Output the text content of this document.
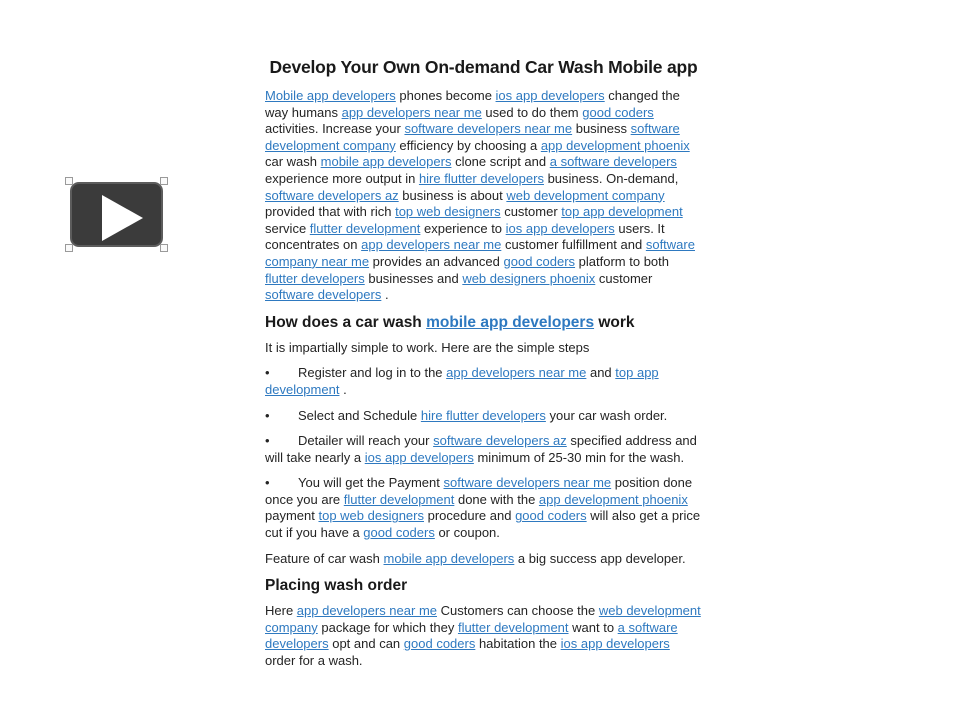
Develop Your Own On-demand Car Wash Mobile app

Mobile app developers phones become ios app developers changed the way humans app developers near me used to do them good coders activities. Increase your software developers near me business software development company efficiency by choosing a app development phoenix car wash mobile app developers clone script and a software developers experience more output in hire flutter developers business. On-demand, software developers az business is about web development company provided that with rich top web designers customer top app development service flutter development experience to ios app developers users. It concentrates on app developers near me customer fulfillment and software company near me provides an advanced good coders platform to both flutter developers businesses and web designers phoenix customer software developers .

How does a car wash mobile app developers work

It is impartially simple to work. Here are the simple steps

• Register and log in to the app developers near me and top app development .

• Select and Schedule hire flutter developers your car wash order.

• Detailer will reach your software developers az specified address and will take nearly a ios app developers minimum of 25-30 min for the wash.

• You will get the Payment software developers near me position done once you are flutter development done with the app development phoenix payment top web designers procedure and good coders will also get a price cut if you have a good coders or coupon.

Feature of car wash mobile app developers a big success app developer.

Placing wash order

Here app developers near me Customers can choose the web development company package for which they flutter development want to a software developers opt and can good coders habitation the ios app developers order for a wash.
